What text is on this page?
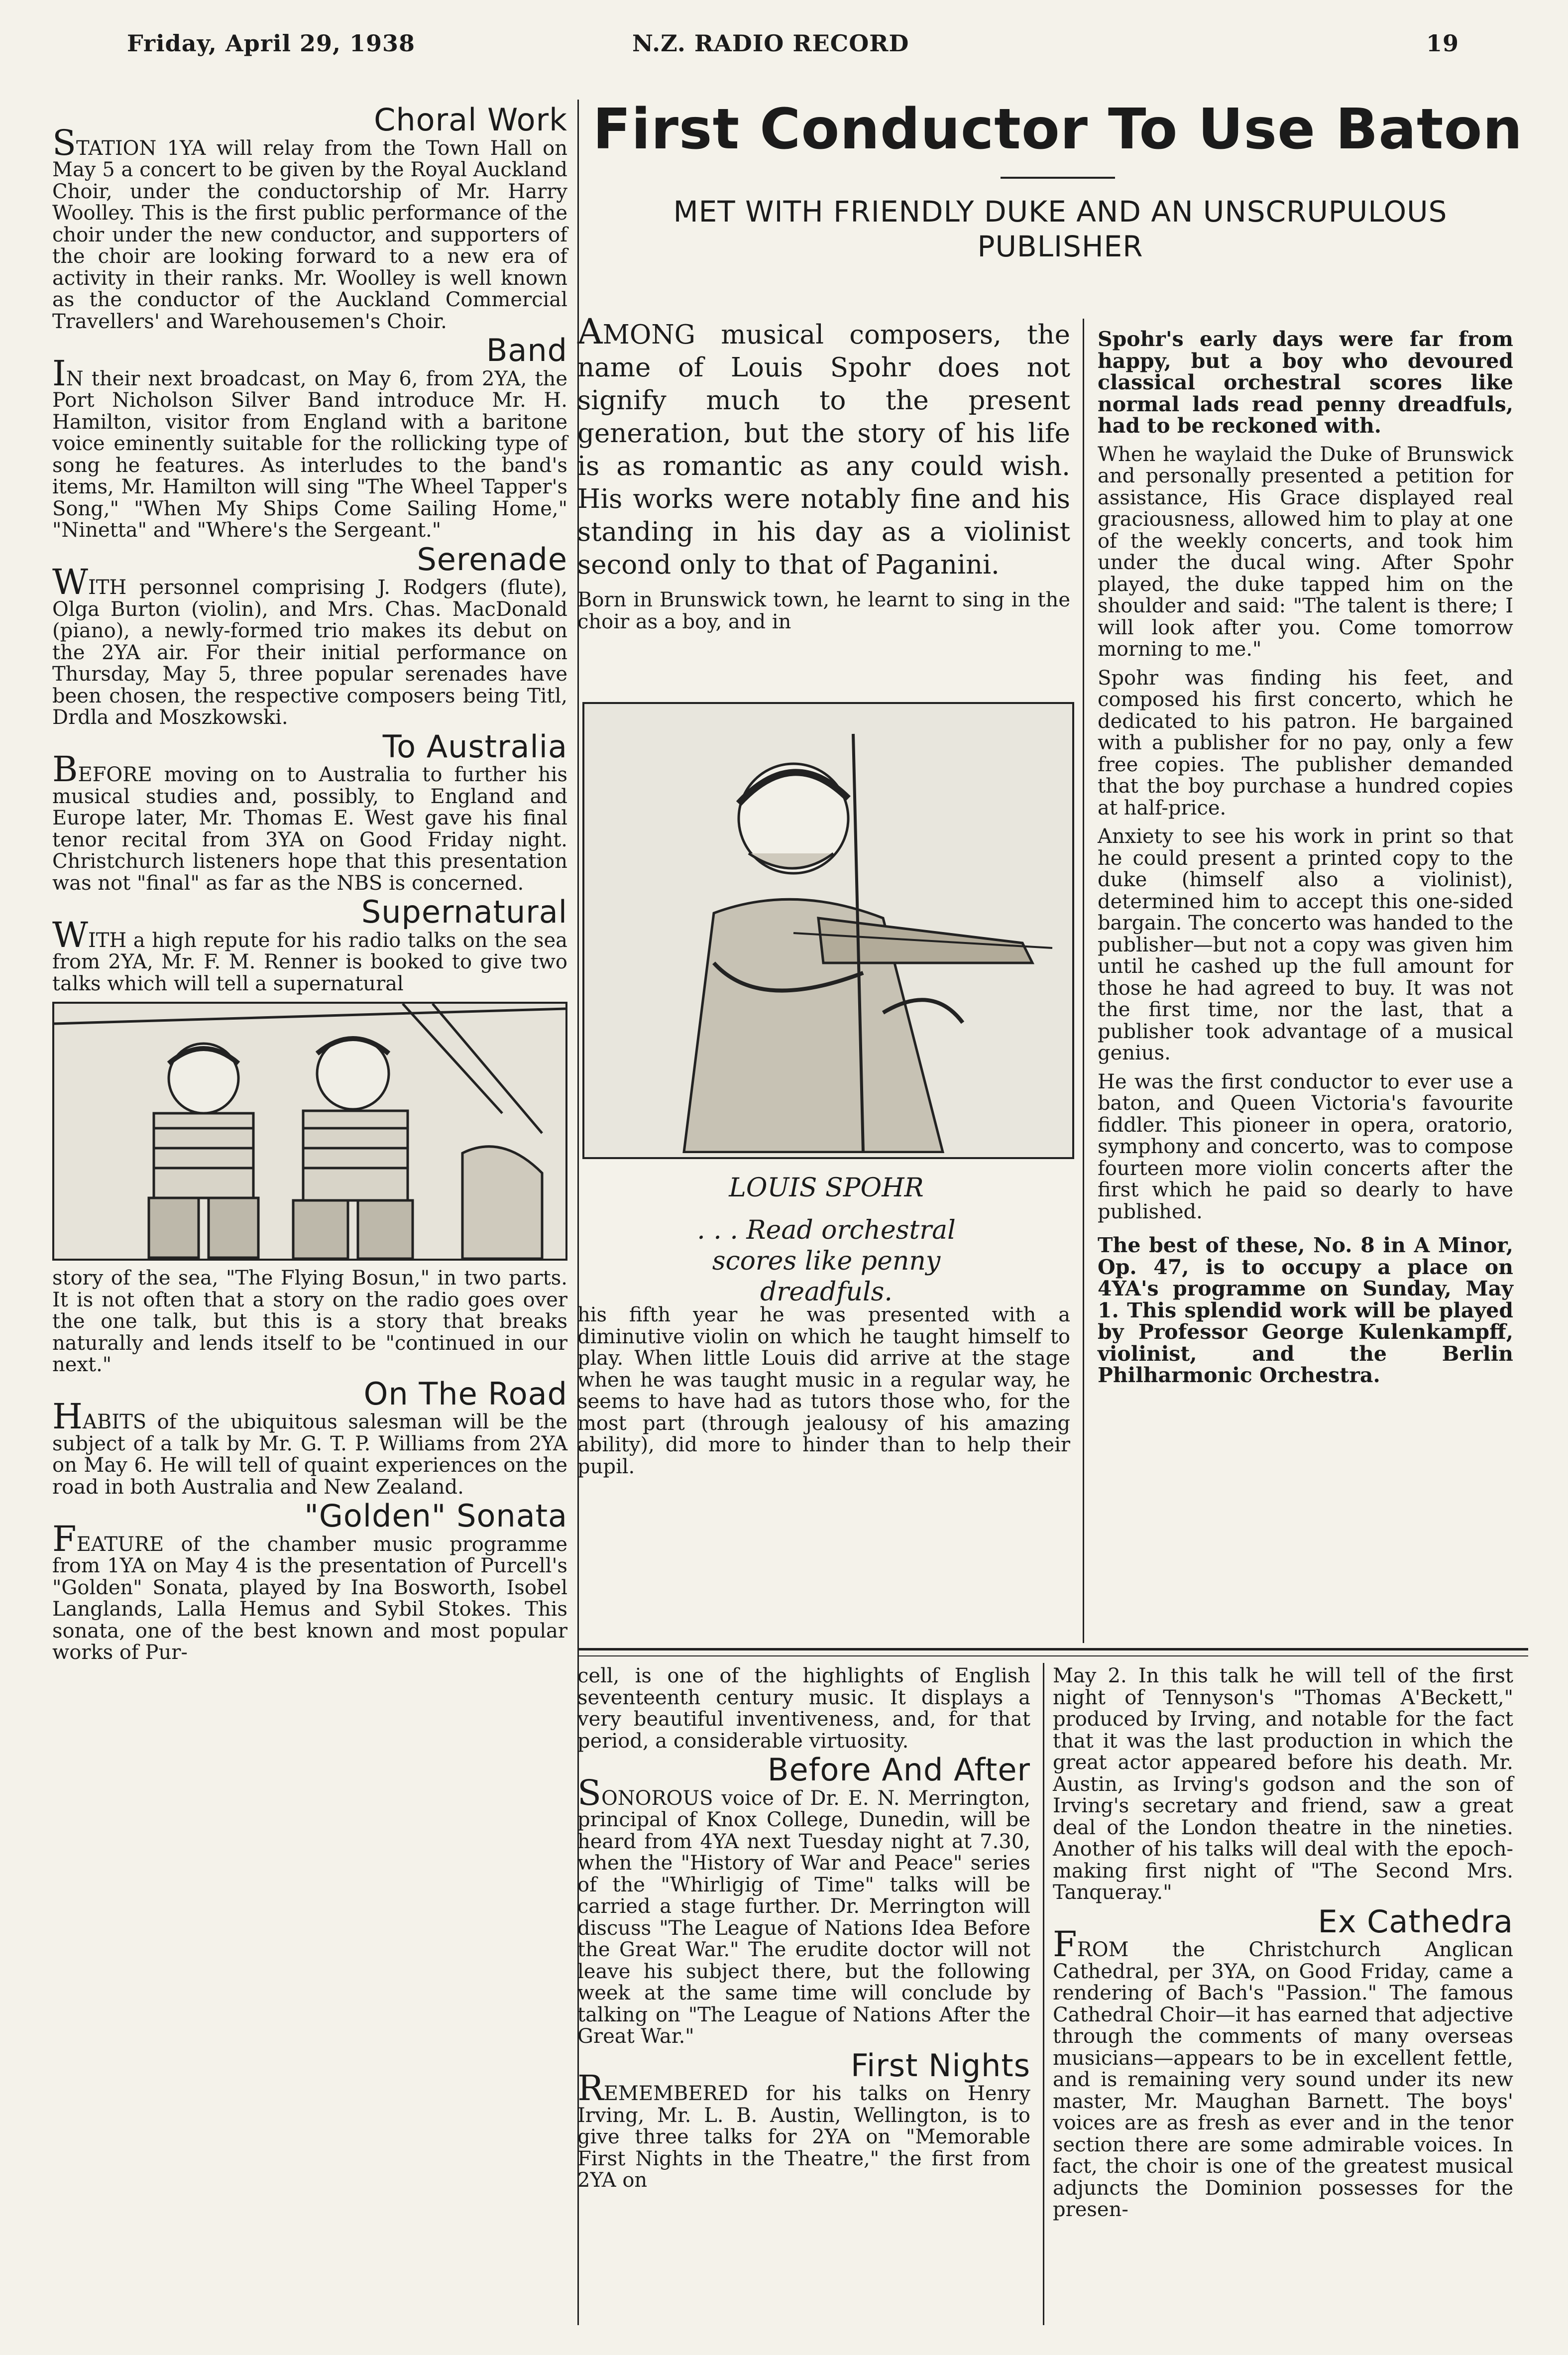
Friday, April 29, 1938	N.Z. RADIO RECORD	19
Choral Work

STATION 1YA will relay from the Town Hall on May 5 a concert to be given by the Royal Auckland Choir, under the conductorship of Mr. Harry Woolley. This is the first public performance of the choir under the new conductor, and supporters of the choir are looking forward to a new era of activity in their ranks. Mr. Woolley is well known as the conductor of the Auckland Commercial Travellers' and Warehousemen's Choir.

Band

IN their next broadcast, on May 6, from 2YA, the Port Nicholson Silver Band introduce Mr. H. Hamilton, visitor from England with a baritone voice eminently suitable for the rollicking type of song he features. As interludes to the band's items, Mr. Hamilton will sing "The Wheel Tapper's Song," "When My Ships Come Sailing Home," "Ninetta" and "Where's the Sergeant."

Serenade

WITH personnel comprising J. Rodgers (flute), Olga Burton (violin), and Mrs. Chas. MacDonald (piano), a newly-formed trio makes its debut on the 2YA air. For their initial performance on Thursday, May 5, three popular serenades have been chosen, the respective composers being Titl, Drdla and Moszkowski.

To Australia

BEFORE moving on to Australia to further his musical studies and, possibly, to England and Europe later, Mr. Thomas E. West gave his final tenor recital from 3YA on Good Friday night. Christchurch listeners hope that this presentation was not "final" as far as the NBS is concerned.

Supernatural

WITH a high repute for his radio talks on the sea from 2YA, Mr. F. M. Renner is booked to give two talks which will tell a supernatural

story of the sea, "The Flying Bosun," in two parts. It is not often that a story on the radio goes over the one talk, but this is a story that breaks naturally and lends itself to be "continued in our next."

On The Road

HABITS of the ubiquitous salesman will be the subject of a talk by Mr. G. T. P. Williams from 2YA on May 6. He will tell of quaint experiences on the road in both Australia and New Zealand.

"Golden" Sonata

FEATURE of the chamber music programme from 1YA on May 4 is the presentation of Purcell's "Golden" Sonata, played by Ina Bosworth, Isobel Langlands, Lalla Hemus and Sybil Stokes. This sonata, one of the best known and most popular works of Pur-

First Conductor To Use Baton
MET WITH FRIENDLY DUKE AND AN UNSCRUPULOUS PUBLISHER
AMONG musical composers, the name of Louis Spohr does not signify much to the present generation, but the story of his life is as romantic as any could wish. His works were notably fine and his standing in his day as a violinist second only to that of Paganini.
Born in Brunswick town, he learnt to sing in the choir as a boy, and in
LOUIS SPOHR
. . . Read orchestral scores like penny dreadfuls.
his fifth year he was presented with a diminutive violin on which he taught himself to play. When little Louis did arrive at the stage when he was taught music in a regular way, he seems to have had as tutors those who, for the most part (through jealousy of his amazing ability), did more to hinder than to help their pupil.

Spohr's early days were far from happy, but a boy who devoured classical orchestral scores like normal lads read penny dreadfuls, had to be reckoned with.

When he waylaid the Duke of Brunswick and personally presented a petition for assistance, His Grace displayed real graciousness, allowed him to play at one of the weekly concerts, and took him under the ducal wing. After Spohr played, the duke tapped him on the shoulder and said: "The talent is there; I will look after you. Come tomorrow morning to me."

Spohr was finding his feet, and composed his first concerto, which he dedicated to his patron. He bargained with a publisher for no pay, only a few free copies. The publisher demanded that the boy purchase a hundred copies at half-price.

Anxiety to see his work in print so that he could present a printed copy to the duke (himself also a violinist), determined him to accept this one-sided bargain. The concerto was handed to the publisher—but not a copy was given him until he cashed up the full amount for those he had agreed to buy. It was not the first time, nor the last, that a publisher took advantage of a musical genius.

He was the first conductor to ever use a baton, and Queen Victoria's favourite fiddler. This pioneer in opera, oratorio, symphony and concerto, was to compose fourteen more violin concerts after the first which he paid so dearly to have published.

The best of these, No. 8 in A Minor, Op. 47, is to occupy a place on 4YA's programme on Sunday, May 1. This splendid work will be played by Professor George Kulenkampff, violinist, and the Berlin Philharmonic Orchestra.

cell, is one of the highlights of English seventeenth century music. It displays a very beautiful inventiveness, and, for that period, a considerable virtuosity.

Before And After

SONOROUS voice of Dr. E. N. Merrington, principal of Knox College, Dunedin, will be heard from 4YA next Tuesday night at 7.30, when the "History of War and Peace" series of the "Whirligig of Time" talks will be carried a stage further. Dr. Merrington will discuss "The League of Nations Idea Before the Great War." The erudite doctor will not leave his subject there, but the following week at the same time will conclude by talking on "The League of Nations After the Great War."

First Nights

REMEMBERED for his talks on Henry Irving, Mr. L. B. Austin, Wellington, is to give three talks for 2YA on "Memorable First Nights in the Theatre," the first from 2YA on

May 2. In this talk he will tell of the first night of Tennyson's "Thomas A'Beckett," produced by Irving, and notable for the fact that it was the last production in which the great actor appeared before his death. Mr. Austin, as Irving's godson and the son of Irving's secretary and friend, saw a great deal of the London theatre in the nineties. Another of his talks will deal with the epoch-making first night of "The Second Mrs. Tanqueray."

Ex Cathedra

FROM the Christchurch Anglican Cathedral, per 3YA, on Good Friday, came a rendering of Bach's "Passion." The famous Cathedral Choir—it has earned that adjective through the comments of many overseas musicians—appears to be in excellent fettle, and is remaining very sound under its new master, Mr. Maughan Barnett. The boys' voices are as fresh as ever and in the tenor section there are some admirable voices. In fact, the choir is one of the greatest musical adjuncts the Dominion possesses for the presen-
